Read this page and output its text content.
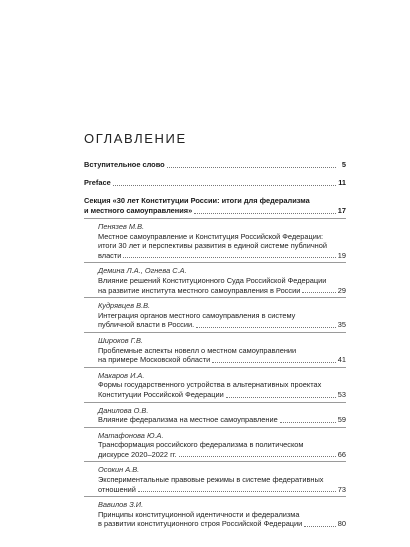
ОГЛАВЛЕНИЕ
Вступительное слово	5
Preface	11
Секция «30 лет Конституции России: итоги для федерализма
и местного самоуправления»	17
Пенязев М.В.
Местное самоуправление и Конституция Российской Федерации:
итоги 30 лет и перспективы развития в единой системе публичной
власти	19
Демина Л.А., Огнева С.А.
Влияние решений Конституционного Суда Российской Федерации
на развитие института местного самоуправления в России	29
Кудрявцев В.В.
Интеграция органов местного самоуправления в систему
публичной власти в России.	35
Широков Г.В.
Проблемные аспекты новелл о местном самоуправлении
на примере Московской области	41
Макаров И.А.
Формы государственного устройства в альтернативных проектах
Конституции Российской Федерации	53
Данилова О.В.
Влияние федерализма на местное самоуправление	59
Матафонова Ю.А.
Трансформация российского федерализма в политическом
дискурсе 2020–2022 гг.	66
Осокин А.В.
Экспериментальные правовые режимы в системе федеративных
отношений	73
Вавилов З.И.
Принципы конституционной идентичности и федерализма
в развитии конституционного строя Российской Федерации	80
